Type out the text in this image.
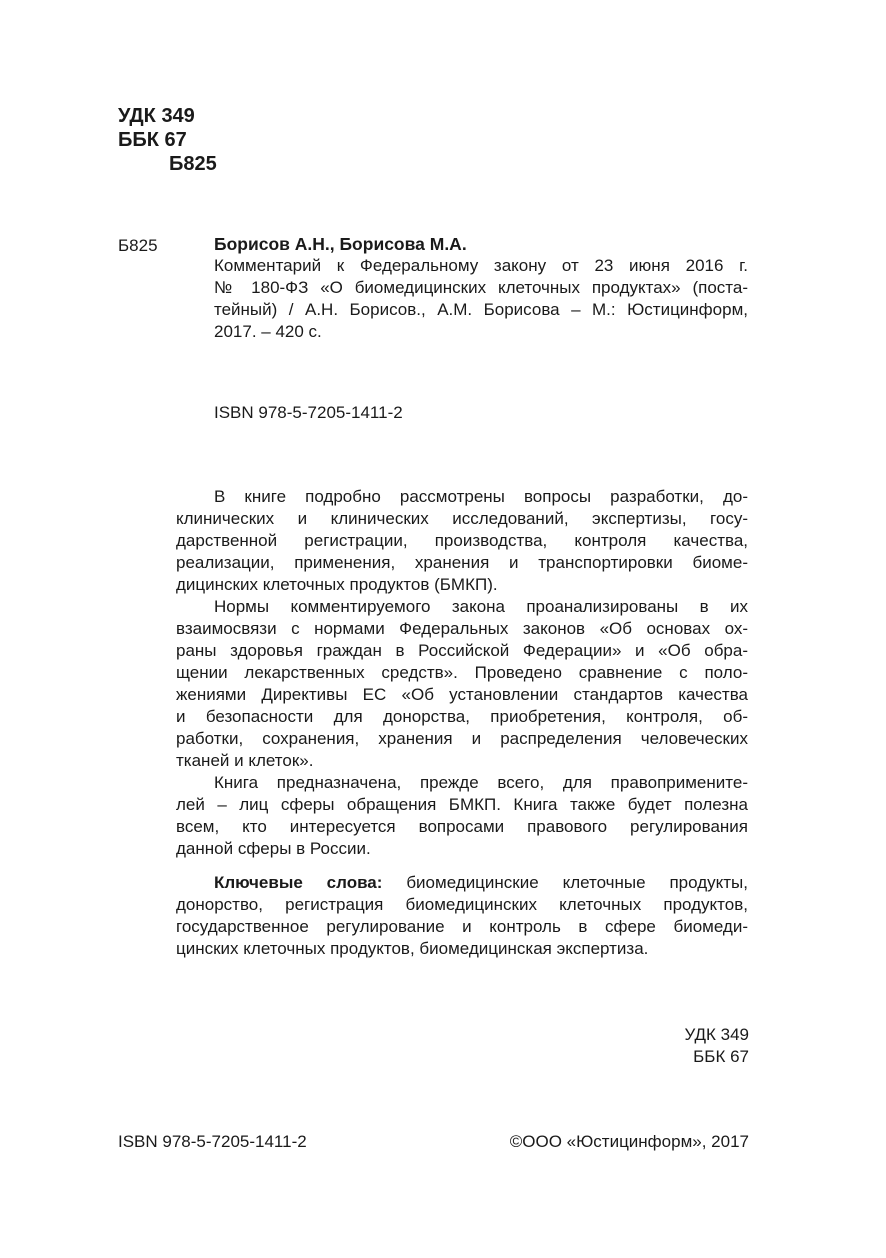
УДК 349
ББК 67
Б825
Б825	Борисов А.Н., Борисова М.А.
Комментарий к Федеральному закону от 23 июня 2016 г.
№ 180-ФЗ «О биомедицинских клеточных продуктах» (поста-
тейный) / А.Н. Борисов., А.М. Борисова – М.: Юстицинформ,
2017. – 420 с.
ISBN 978-5-7205-1411-2
В книге подробно рассмотрены вопросы разработки, до-
клинических и клинических исследований, экспертизы, госу-
дарственной регистрации, производства, контроля качества,
реализации, применения, хранения и транспортировки биоме-
дицинских клеточных продуктов (БМКП).
Нормы комментируемого закона проанализированы в их
взаимосвязи с нормами Федеральных законов «Об основах ох-
раны здоровья граждан в Российской Федерации» и «Об обра-
щении лекарственных средств». Проведено сравнение с поло-
жениями Директивы ЕС «Об установлении стандартов качества
и безопасности для донорства, приобретения, контроля, об-
работки, сохранения, хранения и распределения человеческих
тканей и клеток».
Книга предназначена, прежде всего, для правопримените-
лей – лиц сферы обращения БМКП. Книга также будет полезна
всем, кто интересуется вопросами правового регулирования
данной сферы в России.
Ключевые слова: биомедицинские клеточные продукты,
донорство, регистрация биомедицинских клеточных продуктов,
государственное регулирование и контроль в сфере биомеди-
цинских клеточных продуктов, биомедицинская экспертиза.
УДК 349
ББК 67
ISBN 978-5-7205-1411-2	©ООО «Юстицинформ», 2017
